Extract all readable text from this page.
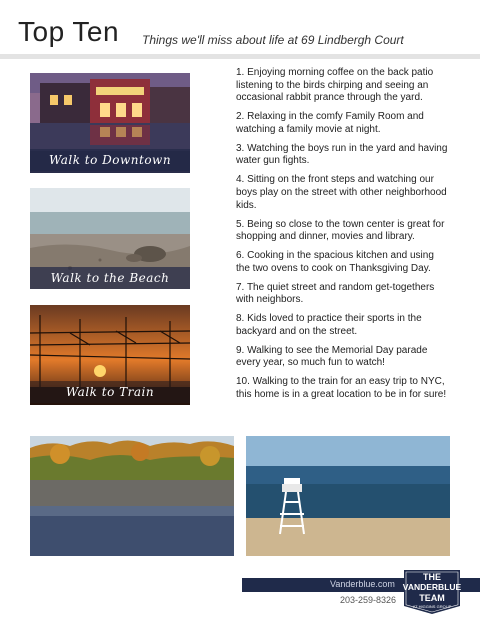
Top Ten Things we'll miss about life at 69 Lindbergh Court
Walk to Downtown
Walk to the Beach
Walk to Train
1. Enjoying morning coffee on the back patio listening to the birds chirping and seeing an occasional rabbit prance through the yard.
2. Relaxing in the comfy Family Room and watching a family movie at night.
3. Watching the boys run in the yard and having water gun fights.
4. Sitting on the front steps and watching our boys play on the street with other neighborhood kids.
5. Being so close to the town center is great for shopping and dinner, movies and library.
6. Cooking in the spacious kitchen and using the two ovens to cook on Thanksgiving Day.
7. The quiet street and random get-togethers with neighbors.
8. Kids loved to practice their sports in the backyard and on the street.
9. Walking to see the Memorial Day parade every year, so much fun to watch!
10. Walking to the train for an easy trip to NYC, this home is in a great location to be in for sure!
Vanderblue.com
203-259-8326
THE
VANDERBLUE
TEAM
AT HIGGINS GROUP
